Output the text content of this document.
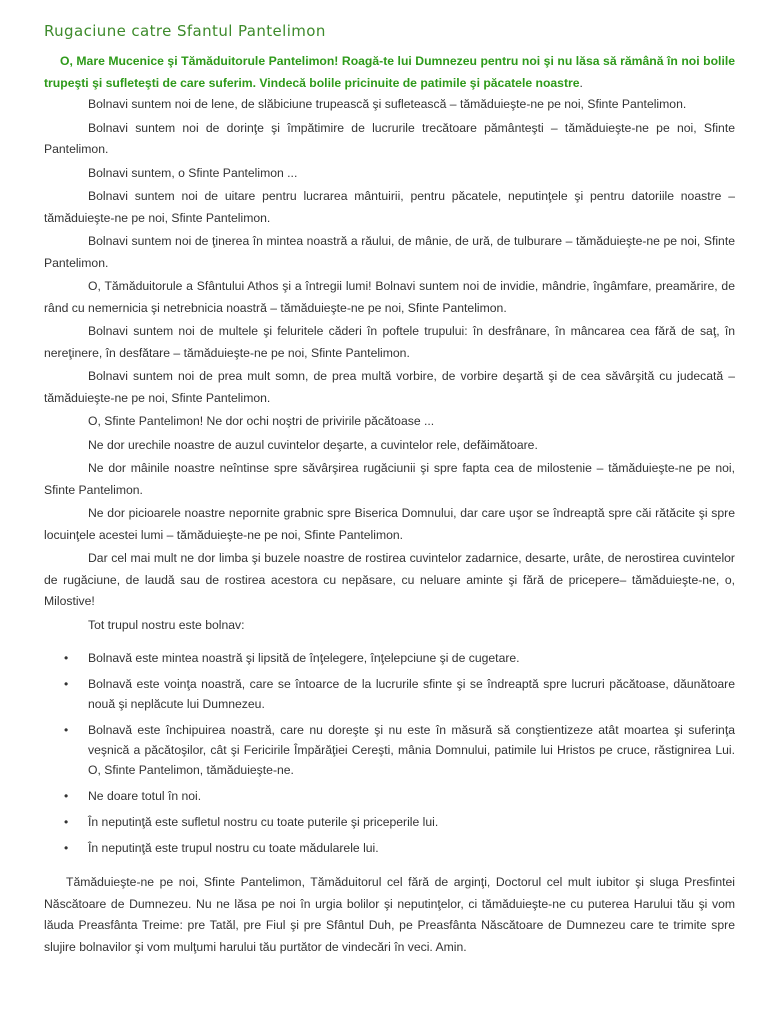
Rugaciune catre Sfantul Pantelimon

O, Mare Mucenice şi Tămăduitorule Pantelimon! Roagă-te lui Dumnezeu pentru noi şi nu lăsa să rămână în noi bolile trupeşti şi sufleteşti de care suferim. Vindecă bolile pricinuite de patimile şi păcatele noastre.

Bolnavi suntem noi de lene, de slăbiciune trupească şi sufletească – tămăduieşte-ne pe noi, Sfinte Pantelimon.

Bolnavi suntem noi de dorinţe şi împătimire de lucrurile trecătoare pământeşti – tămăduieşte-ne pe noi, Sfinte Pantelimon.

Bolnavi suntem, o Sfinte Pantelimon ...

Bolnavi suntem noi de uitare pentru lucrarea mântuirii, pentru păcatele, neputinţele şi pentru datoriile noastre – tămăduieşte-ne pe noi, Sfinte Pantelimon.

Bolnavi suntem noi de ţinerea în mintea noastră a răului, de mânie, de ură, de tulburare – tămăduieşte-ne pe noi, Sfinte Pantelimon.

O, Tămăduitorule a Sfântului Athos şi a întregii lumi! Bolnavi suntem noi de invidie, mândrie, îngâmfare, preamărire, de rând cu nemernicia şi netrebnicia noastră – tămăduieşte-ne pe noi, Sfinte Pantelimon.

Bolnavi suntem noi de multele şi feluritele căderi în poftele trupului: în desfrânare, în mâncarea cea fără de saţ, în nereţinere, în desfătare – tămăduieşte-ne pe noi, Sfinte Pantelimon.

Bolnavi suntem noi de prea mult somn, de prea multă vorbire, de vorbire deşartă şi de cea săvârşită cu judecată – tămăduieşte-ne pe noi, Sfinte Pantelimon.

O, Sfinte Pantelimon! Ne dor ochi noştri de privirile păcătoase ...

Ne dor urechile noastre de auzul cuvintelor deşarte, a cuvintelor rele, defăimătoare.

Ne dor mâinile noastre neîntinse spre săvârşirea rugăciunii şi spre fapta cea de milostenie – tămăduieşte-ne pe noi, Sfinte Pantelimon.

Ne dor picioarele noastre nepornite grabnic spre Biserica Domnului, dar care uşor se îndreaptă spre căi rătăcite şi spre locuinţele acestei lumi – tămăduieşte-ne pe noi, Sfinte Pantelimon.

Dar cel mai mult ne dor limba şi buzele noastre de rostirea cuvintelor zadarnice, desarte, urâte, de nerostirea cuvintelor de rugăciune, de laudă sau de rostirea acestora cu nepăsare, cu neluare aminte şi fără de pricepere– tămăduieşte-ne, o, Milostive!

Tot trupul nostru este bolnav:

• Bolnavă este mintea noastră şi lipsită de înţelegere, înţelepciune şi de cugetare.
• Bolnavă este voinţa noastră, care se întoarce de la lucrurile sfinte şi se îndreaptă spre lucruri păcătoase, dăunătoare nouă şi neplăcute lui Dumnezeu.
• Bolnavă este închipuirea noastră, care nu doreşte şi nu este în măsură să conştientizeze atât moartea şi suferinţa veşnică a păcătoşilor, cât şi Fericirile Împărăţiei Cereşti, mânia Domnului, patimile lui Hristos pe cruce, răstignirea Lui. O, Sfinte Pantelimon, tămăduieşte-ne.
• Ne doare totul în noi.
• În neputinţă este sufletul nostru cu toate puterile şi priceperile lui.
• În neputinţă este trupul nostru cu toate mădularele lui.

Tămăduieşte-ne pe noi, Sfinte Pantelimon, Tămăduitorul cel fără de arginţi, Doctorul cel mult iubitor şi sluga Presfintei Născătoare de Dumnezeu. Nu ne lăsa pe noi în urgia bolilor şi neputinţelor, ci tămăduieşte-ne cu puterea Harului tău şi vom lăuda Preasfânta Treime: pre Tatăl, pre Fiul şi pre Sfântul Duh, pe Preasfânta Născătoare de Dumnezeu care te trimite spre slujire bolnavilor şi vom mulţumi harului tău purtător de vindecări în veci. Amin.
